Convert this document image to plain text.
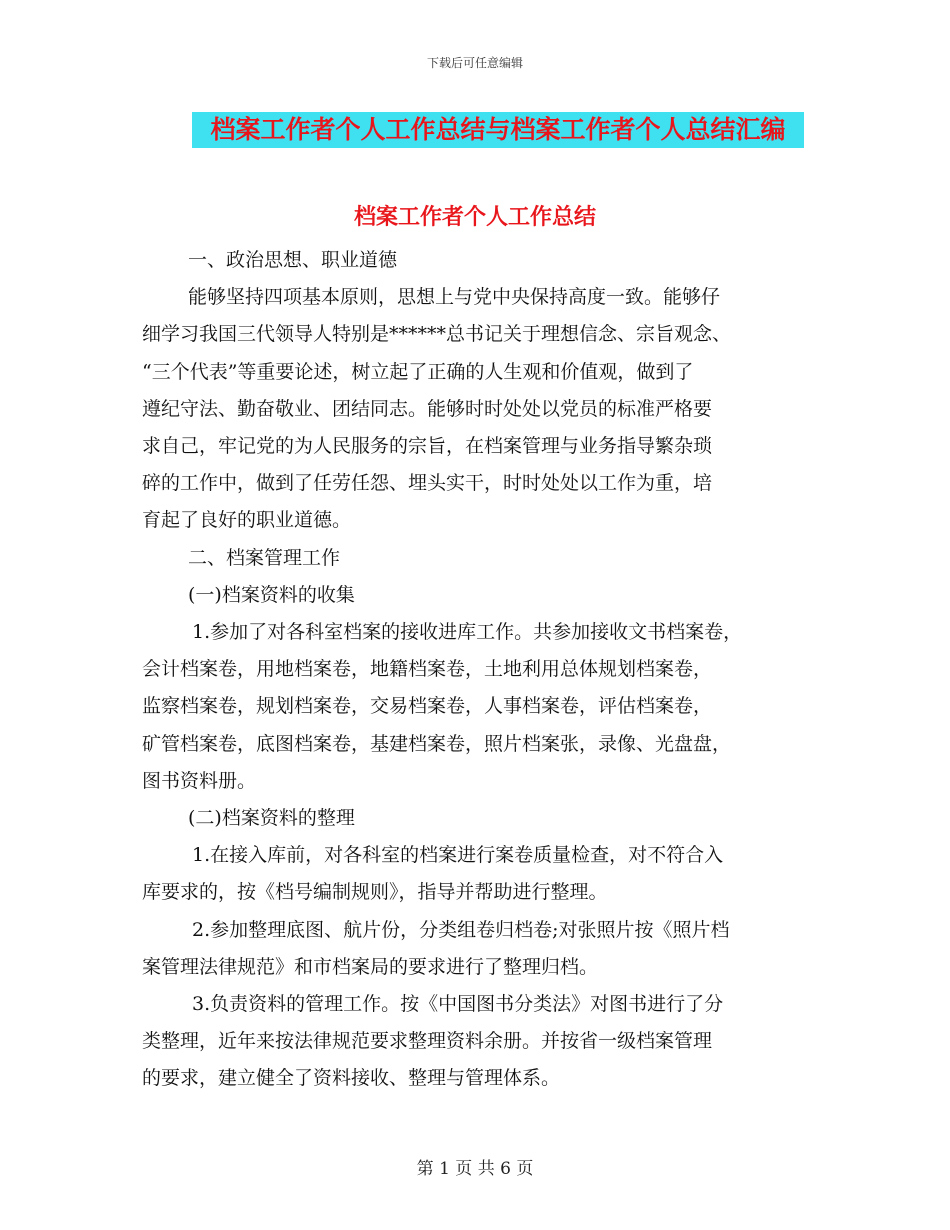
下载后可任意编辑
档案工作者个人工作总结与档案工作者个人总结汇编
档案工作者个人工作总结

一、政治思想、职业道德

能够坚持四项基本原则，思想上与党中央保持高度一致。能够仔

细学习我国三代领导人特别是******总书记关于理想信念、宗旨观念、

“三个代表”等重要论述，树立起了正确的人生观和价值观，做到了

遵纪守法、勤奋敬业、团结同志。能够时时处处以党员的标准严格要

求自己，牢记党的为人民服务的宗旨，在档案管理与业务指导繁杂琐

碎的工作中，做到了任劳任怨、埋头实干，时时处处以工作为重，培

育起了良好的职业道德。

二、档案管理工作

(一)档案资料的收集

1.参加了对各科室档案的接收进库工作。共参加接收文书档案卷，

会计档案卷，用地档案卷，地籍档案卷，土地利用总体规划档案卷，

监察档案卷，规划档案卷，交易档案卷，人事档案卷，评估档案卷，

矿管档案卷，底图档案卷，基建档案卷，照片档案张，录像、光盘盘，

图书资料册。

(二)档案资料的整理

1.在接入库前，对各科室的档案进行案卷质量检查，对不符合入

库要求的，按《档号编制规则》，指导并帮助进行整理。

2.参加整理底图、航片份，分类组卷归档卷;对张照片按《照片档

案管理法律规范》和市档案局的要求进行了整理归档。

3.负责资料的管理工作。按《中国图书分类法》对图书进行了分

类整理，近年来按法律规范要求整理资料余册。并按省一级档案管理

的要求，建立健全了资料接收、整理与管理体系。

第 1 页 共 6 页
